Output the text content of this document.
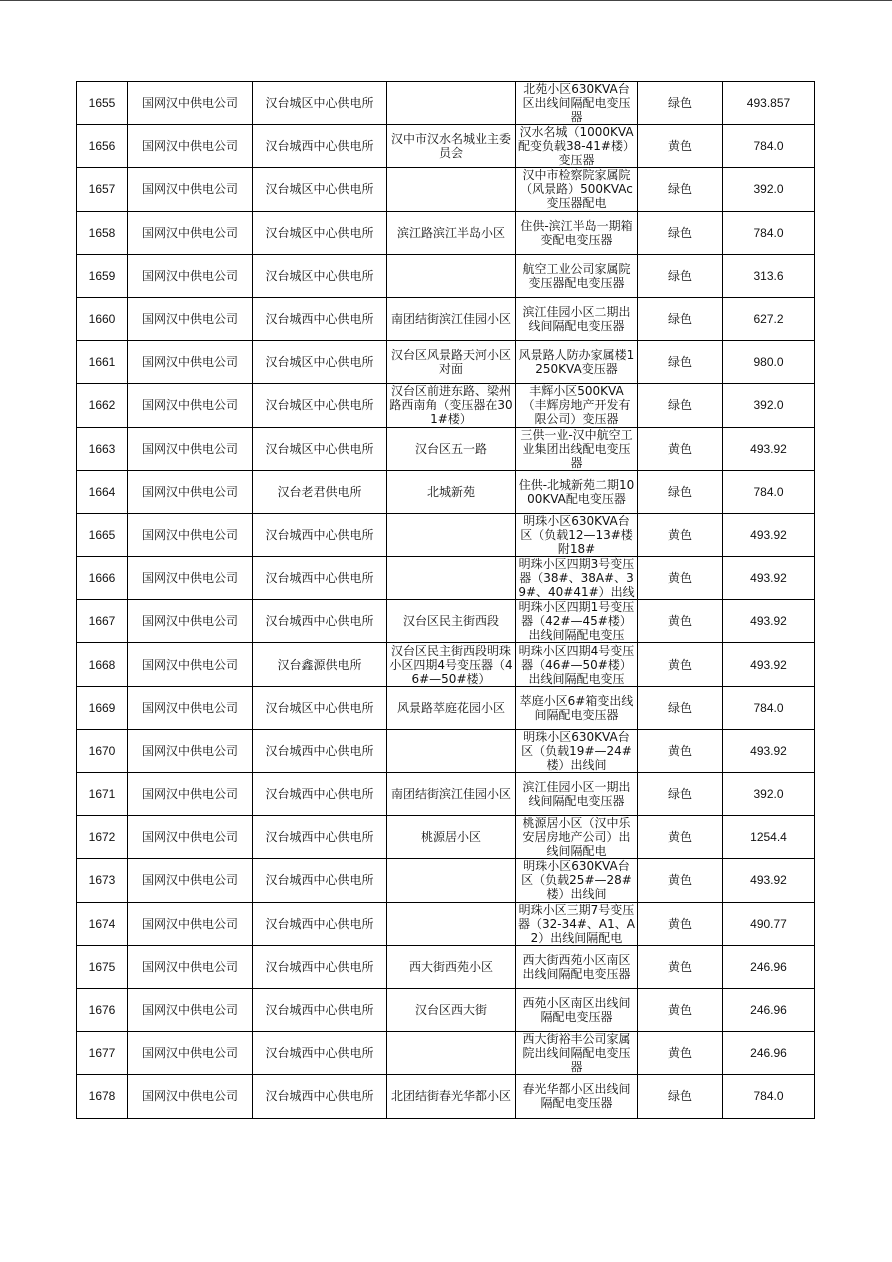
1655	国网汉中供电公司	汉台城区中心供电所		北苑小区630KVA台区出线间隔配电变压器	绿色	493.857

1656	国网汉中供电公司	汉台城西中心供电所	汉中市汉水名城业主委员会	汉水名城（1000KVA配变负载38-41#楼）变压器	黄色	784.0

1657	国网汉中供电公司	汉台城区中心供电所		汉中市检察院家属院（风景路）500KVAc变压器配电	绿色	392.0

1658	国网汉中供电公司	汉台城区中心供电所	滨江路滨江半岛小区	住供-滨江半岛一期箱变配电变压器	绿色	784.0

1659	国网汉中供电公司	汉台城区中心供电所		航空工业公司家属院变压器配电变压器	绿色	313.6

1660	国网汉中供电公司	汉台城西中心供电所	南团结街滨江佳园小区	滨江佳园小区二期出线间隔配电变压器	绿色	627.2

1661	国网汉中供电公司	汉台城区中心供电所	汉台区风景路天河小区对面	风景路人防办家属楼1250KVA变压器	绿色	980.0

1662	国网汉中供电公司	汉台城区中心供电所	汉台区前进东路、梁州路西南角（变压器在301#楼）	丰辉小区500KVA（丰辉房地产开发有限公司）变压器	绿色	392.0

1663	国网汉中供电公司	汉台城区中心供电所	汉台区五一路	三供一业-汉中航空工业集团出线配电变压器	黄色	493.92

1664	国网汉中供电公司	汉台老君供电所	北城新苑	住供-北城新苑二期1000KVA配电变压器	绿色	784.0

1665	国网汉中供电公司	汉台城西中心供电所		明珠小区630KVA台区（负载12—13#楼附18#	黄色	493.92

1666	国网汉中供电公司	汉台城西中心供电所		明珠小区四期3号变压器（38#、38A#、39#、40#41#）出线	黄色	493.92

1667	国网汉中供电公司	汉台城西中心供电所	汉台区民主街西段	明珠小区四期1号变压器（42#—45#楼）出线间隔配电变压	黄色	493.92

1668	国网汉中供电公司	汉台鑫源供电所	汉台区民主街西段明珠小区四期4号变压器（46#—50#楼）	明珠小区四期4号变压器（46#—50#楼）出线间隔配电变压	黄色	493.92

1669	国网汉中供电公司	汉台城区中心供电所	风景路萃庭花园小区	萃庭小区6#箱变出线间隔配电变压器	绿色	784.0

1670	国网汉中供电公司	汉台城西中心供电所		明珠小区630KVA台区（负载19#—24#楼）出线间	黄色	493.92

1671	国网汉中供电公司	汉台城西中心供电所	南团结街滨江佳园小区	滨江佳园小区一期出线间隔配电变压器	绿色	392.0

1672	国网汉中供电公司	汉台城西中心供电所	桃源居小区	桃源居小区（汉中乐安居房地产公司）出线间隔配电	黄色	1254.4

1673	国网汉中供电公司	汉台城西中心供电所		明珠小区630KVA台区（负载25#—28#楼）出线间	黄色	493.92

1674	国网汉中供电公司	汉台城西中心供电所		明珠小区三期7号变压器（32-34#、A1、A2）出线间隔配电	黄色	490.77

1675	国网汉中供电公司	汉台城西中心供电所	西大街西苑小区	西大街西苑小区南区出线间隔配电变压器	黄色	246.96

1676	国网汉中供电公司	汉台城西中心供电所	汉台区西大街	西苑小区南区出线间隔配电变压器	黄色	246.96

1677	国网汉中供电公司	汉台城西中心供电所		西大街裕丰公司家属院出线间隔配电变压器	黄色	246.96

1678	国网汉中供电公司	汉台城西中心供电所	北团结街春光华都小区	春光华都小区出线间隔配电变压器	绿色	784.0
